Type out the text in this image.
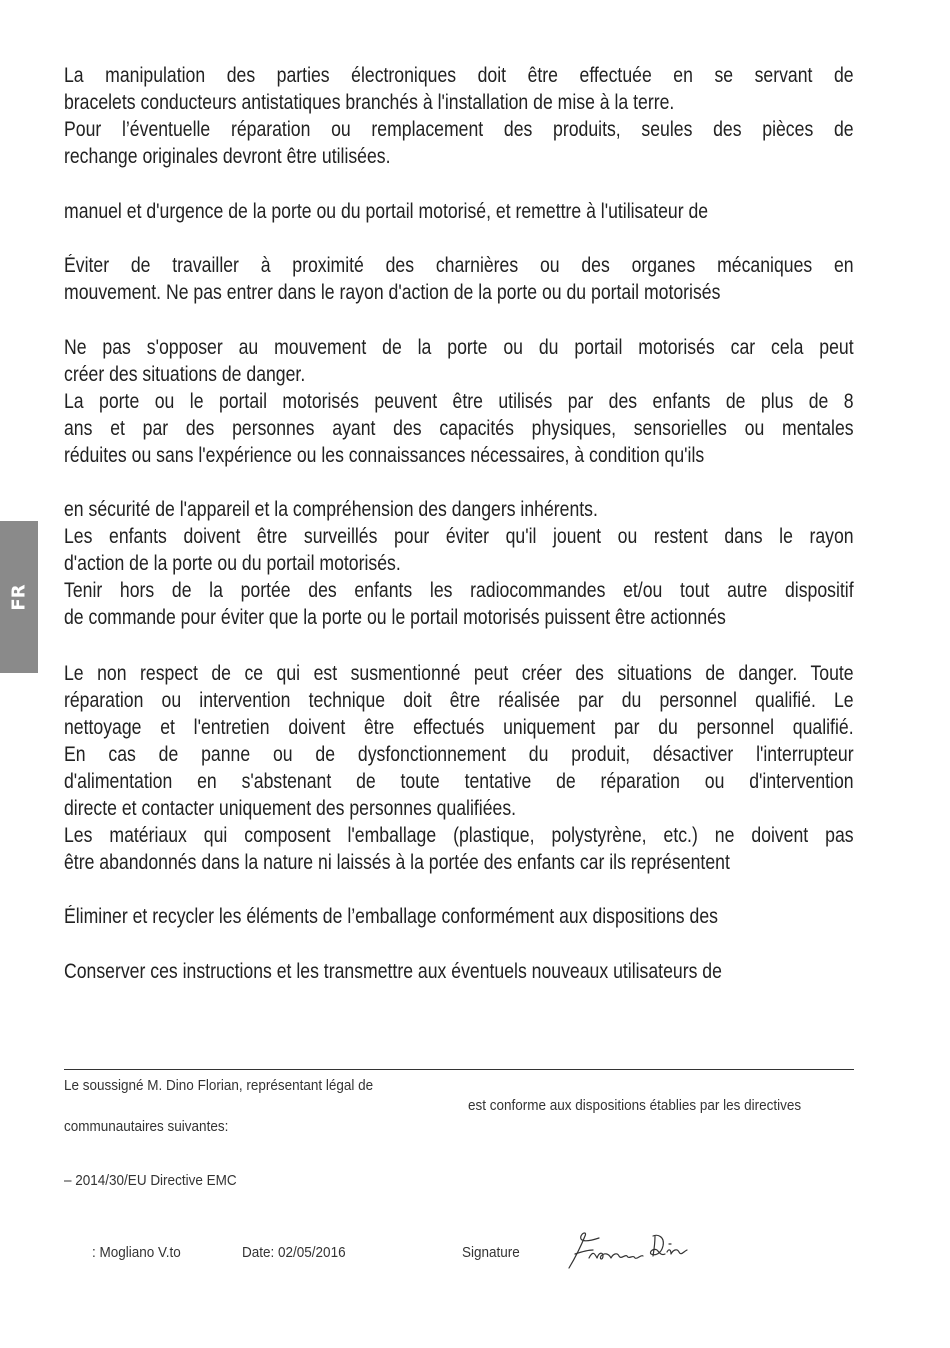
FR

La manipulation des parties électroniques doit être effectuée en se servant de

bracelets conducteurs antistatiques branchés à l'installation de mise à la terre.

Pour l’éventuelle réparation ou remplacement des produits, seules des pièces de

rechange originales devront être utilisées.

manuel et d'urgence de la porte ou du portail motorisé, et remettre à l'utilisateur de

Éviter de travailler à proximité des charnières ou des organes mécaniques en

mouvement. Ne pas entrer dans le rayon d'action de la porte ou du portail motorisés

Ne pas s'opposer au mouvement de la porte ou du portail motorisés car cela peut

créer des situations de danger.

La porte ou le portail motorisés peuvent être utilisés par des enfants de plus de 8

ans et par des personnes ayant des capacités physiques, sensorielles ou mentales

réduites ou sans l'expérience ou les connaissances nécessaires, à condition qu'ils

en sécurité de l'appareil et la compréhension des dangers inhérents.

Les enfants doivent être surveillés pour éviter qu'il jouent ou restent dans le rayon

d'action de la porte ou du portail motorisés.

Tenir hors de la portée des enfants les radiocommandes et/ou tout autre dispositif

de commande pour éviter que la porte ou le portail motorisés puissent être actionnés

Le non respect de ce qui est susmentionné peut créer des situations de danger. Toute

réparation ou intervention technique doit être réalisée par du personnel qualifié. Le

nettoyage et l'entretien doivent être effectués uniquement par du personnel qualifié.

En cas de panne ou de dysfonctionnement du produit, désactiver l'interrupteur

d'alimentation en s'abstenant de toute tentative de réparation ou d'intervention

directe et contacter uniquement des personnes qualifiées.

Les matériaux qui composent l'emballage (plastique, polystyrène, etc.) ne doivent pas

être abandonnés dans la nature ni laissés à la portée des enfants car ils représentent

Éliminer et recycler les éléments de l’emballage conformément aux dispositions des

Conserver ces instructions et les transmettre aux éventuels nouveaux utilisateurs de

Le soussigné M. Dino Florian, représentant légal de
est conforme aux dispositions établies par les directives
communautaires suivantes:
– 2014/30/EU Directive EMC
: Mogliano V.to	Date: 02/05/2016	Signature
